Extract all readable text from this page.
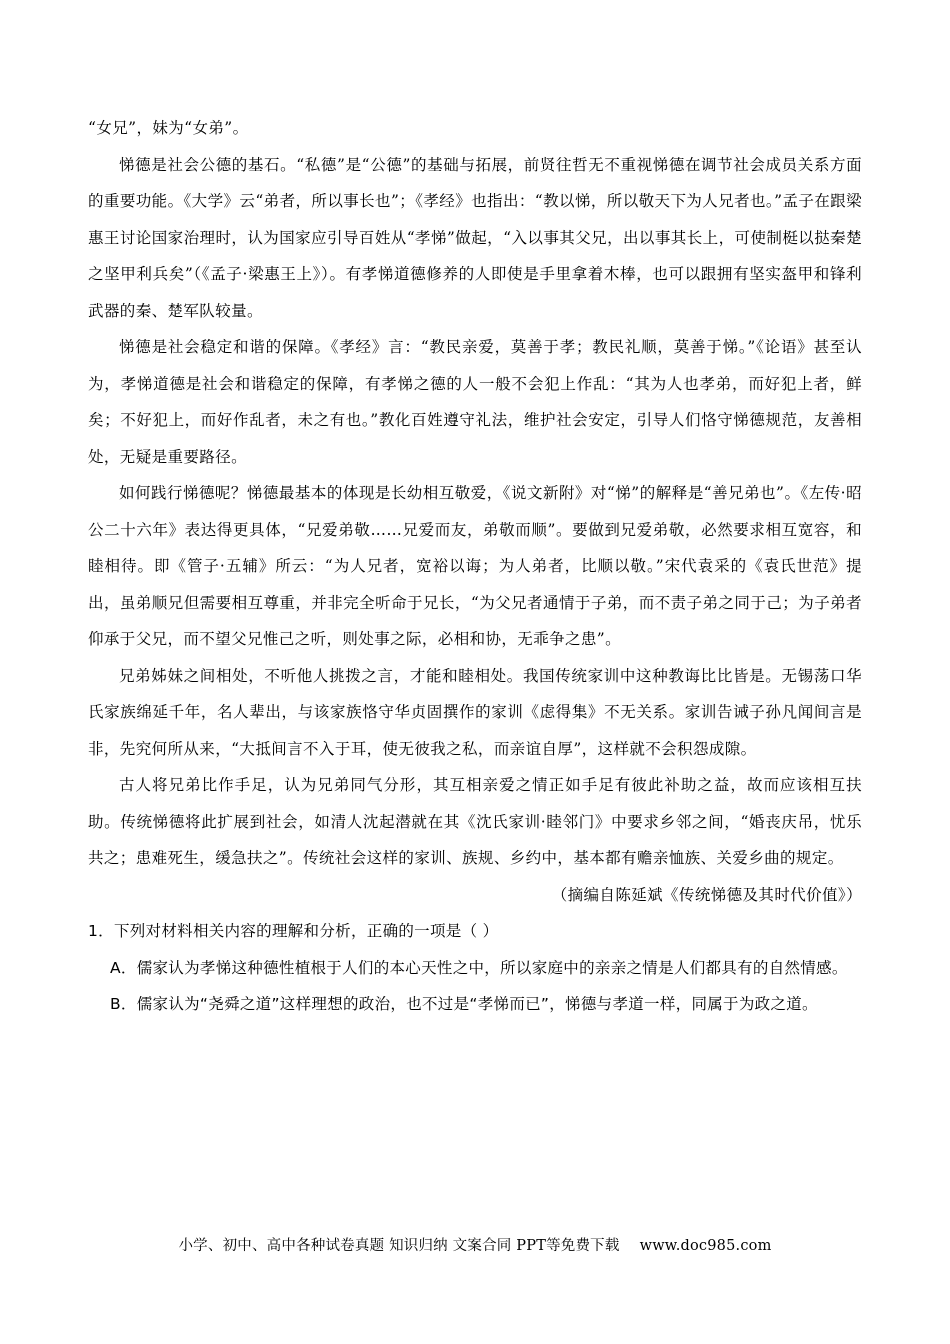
“女兄”，妹为“女弟”。

悌德是社会公德的基石。“私德”是“公德”的基础与拓展，前贤往哲无不重视悌德在调节社会成员关系方面的重要功能。《大学》云“弟者，所以事长也”；《孝经》也指出：“教以悌，所以敬天下为人兄者也。”孟子在跟梁惠王讨论国家治理时，认为国家应引导百姓从“孝悌”做起，“入以事其父兄，出以事其长上，可使制梃以挞秦楚之坚甲利兵矣”（《孟子·梁惠王上》）。有孝悌道德修养的人即使是手里拿着木棒，也可以跟拥有坚实盔甲和锋利武器的秦、楚军队较量。

悌德是社会稳定和谐的保障。《孝经》言：“教民亲爱，莫善于孝；教民礼顺，莫善于悌。”《论语》甚至认为，孝悌道德是社会和谐稳定的保障，有孝悌之德的人一般不会犯上作乱：“其为人也孝弟，而好犯上者，鲜矣；不好犯上，而好作乱者，未之有也。”教化百姓遵守礼法，维护社会安定，引导人们恪守悌德规范，友善相处，无疑是重要路径。

如何践行悌德呢？悌德最基本的体现是长幼相互敬爱，《说文新附》对“悌”的解释是“善兄弟也”。《左传·昭公二十六年》表达得更具体，“兄爱弟敬……兄爱而友，弟敬而顺”。要做到兄爱弟敬，必然要求相互宽容，和睦相待。即《管子·五辅》所云：“为人兄者，宽裕以诲；为人弟者，比顺以敬。”宋代袁采的《袁氏世范》提出，虽弟顺兄但需要相互尊重，并非完全听命于兄长，“为父兄者通情于子弟，而不责子弟之同于己；为子弟者仰承于父兄，而不望父兄惟己之听，则处事之际，必相和协，无乖争之患”。

兄弟姊妹之间相处，不听他人挑拨之言，才能和睦相处。我国传统家训中这种教诲比比皆是。无锡荡口华氏家族绵延千年，名人辈出，与该家族恪守华贞固撰作的家训《虑得集》不无关系。家训告诫子孙凡闻间言是非，先究何所从来，“大抵间言不入于耳，使无彼我之私，而亲谊自厚”，这样就不会积怨成隙。

古人将兄弟比作手足，认为兄弟同气分形，其互相亲爱之情正如手足有彼此补助之益，故而应该相互扶助。传统悌德将此扩展到社会，如清人沈起潜就在其《沈氏家训·睦邻门》中要求乡邻之间，“婚丧庆吊，忧乐共之；患难死生，缓急扶之”。传统社会这样的家训、族规、乡约中，基本都有赡亲恤族、关爱乡曲的规定。

（摘编自陈延斌《传统悌德及其时代价值》）

1．下列对材料相关内容的理解和分析，正确的一项是（ ）

A．儒家认为孝悌这种德性植根于人们的本心天性之中，所以家庭中的亲亲之情是人们都具有的自然情感。

B．儒家认为“尧舜之道”这样理想的政治，也不过是“孝悌而已”，悌德与孝道一样，同属于为政之道。

小学、初中、高中各种试卷真题 知识归纳 文案合同 PPT等免费下载 www.doc985.com
